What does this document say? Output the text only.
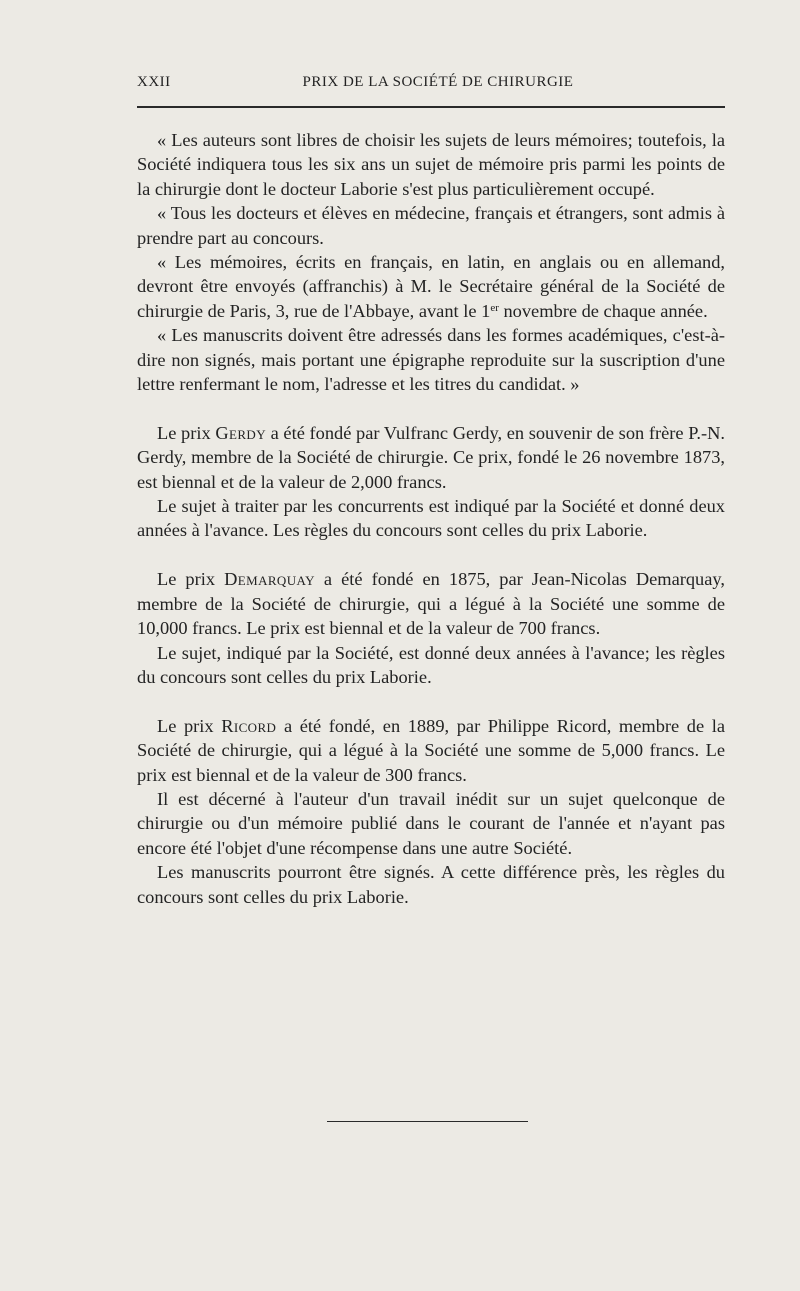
XXII	PRIX DE LA SOCIÉTÉ DE CHIRURGIE

« Les auteurs sont libres de choisir les sujets de leurs mémoires; toutefois, la Société indiquera tous les six ans un sujet de mémoire pris parmi les points de la chirurgie dont le docteur Laborie s'est plus particulièrement occupé.

« Tous les docteurs et élèves en médecine, français et étrangers, sont admis à prendre part au concours.

« Les mémoires, écrits en français, en latin, en anglais ou en allemand, devront être envoyés (affranchis) à M. le Secrétaire général de la Société de chirurgie de Paris, 3, rue de l'Abbaye, avant le 1er novembre de chaque année.

« Les manuscrits doivent être adressés dans les formes académiques, c'est-à-dire non signés, mais portant une épigraphe reproduite sur la suscription d'une lettre renfermant le nom, l'adresse et les titres du candidat. »

Le prix Gerdy a été fondé par Vulfranc Gerdy, en souvenir de son frère P.-N. Gerdy, membre de la Société de chirurgie. Ce prix, fondé le 26 novembre 1873, est biennal et de la valeur de 2,000 francs.

Le sujet à traiter par les concurrents est indiqué par la Société et donné deux années à l'avance. Les règles du concours sont celles du prix Laborie.

Le prix Demarquay a été fondé en 1875, par Jean-Nicolas Demarquay, membre de la Société de chirurgie, qui a légué à la Société une somme de 10,000 francs. Le prix est biennal et de la valeur de 700 francs.

Le sujet, indiqué par la Société, est donné deux années à l'avance; les règles du concours sont celles du prix Laborie.

Le prix Ricord a été fondé, en 1889, par Philippe Ricord, membre de la Société de chirurgie, qui a légué à la Société une somme de 5,000 francs. Le prix est biennal et de la valeur de 300 francs.

Il est décerné à l'auteur d'un travail inédit sur un sujet quelconque de chirurgie ou d'un mémoire publié dans le courant de l'année et n'ayant pas encore été l'objet d'une récompense dans une autre Société.

Les manuscrits pourront être signés. A cette différence près, les règles du concours sont celles du prix Laborie.
